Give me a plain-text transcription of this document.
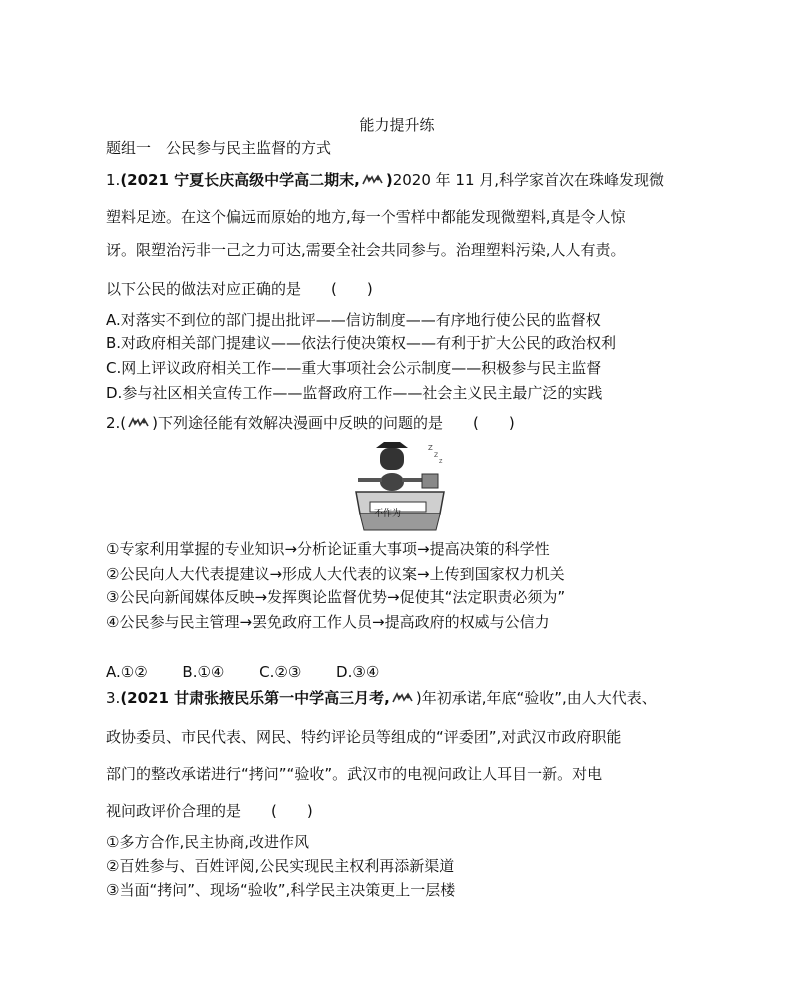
能力提升练
题组一　公民参与民主监督的方式
1.(2021 宁夏长庆高级中学高二期末, )2020 年 11 月,科学家首次在珠峰发现微
塑料足迹。在这个偏远而原始的地方,每一个雪样中都能发现微塑料,真是令人惊
讶。限塑治污非一己之力可达,需要全社会共同参与。治理塑料污染,人人有责。
以下公民的做法对应正确的是　　(　　)
A.对落实不到位的部门提出批评——信访制度——有序地行使公民的监督权
B.对政府相关部门提建议——依法行使决策权——有利于扩大公民的政治权利
C.网上评议政府相关工作——重大事项社会公示制度——积极参与民主监督
D.参与社区相关宣传工作——监督政府工作——社会主义民主最广泛的实践
2.( )下列途径能有效解决漫画中反映的问题的是　　(　　)
Z
Z
Z
不作为
①专家利用掌握的专业知识→分析论证重大事项→提高决策的科学性
②公民向人大代表提建议→形成人大代表的议案→上传到国家权力机关
③公民向新闻媒体反映→发挥舆论监督优势→促使其“法定职责必须为”
④公民参与民主管理→罢免政府工作人员→提高政府的权威与公信力
A.①②　　 B.①④　　 C.②③　　 D.③④
3.(2021 甘肃张掖民乐第一中学高三月考, )年初承诺,年底“验收”,由人大代表、
政协委员、市民代表、网民、特约评论员等组成的“评委团”,对武汉市政府职能
部门的整改承诺进行“拷问”“验收”。武汉市的电视问政让人耳目一新。对电
视问政评价合理的是　　(　　)
①多方合作,民主协商,改进作风
②百姓参与、百姓评阅,公民实现民主权利再添新渠道
③当面“拷问”、现场“验收”,科学民主决策更上一层楼
